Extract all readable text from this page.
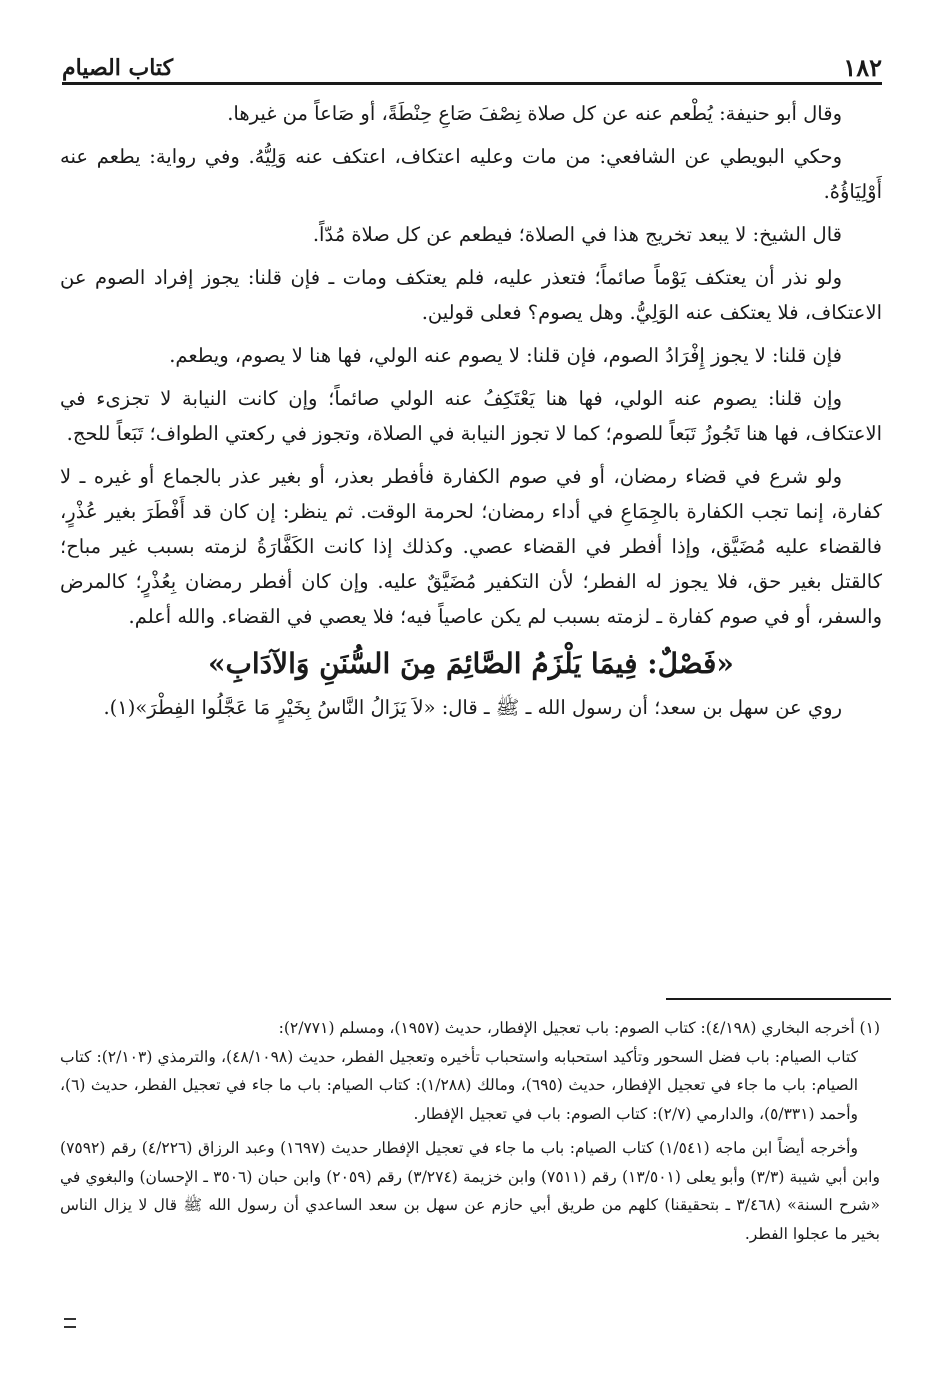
١٨٢
كتاب الصيام

وقال أبو حنيفة: يُطْعم عنه عن كل صلاة نِصْفَ صَاعِ حِنْطَةً، أو صَاعاً من غيرها.

وحكي البويطي عن الشافعي: من مات وعليه اعتكاف، اعتكف عنه وَلِيُّهُ. وفي رواية: يطعم عنه أَوْلِيَاؤُهُ.

قال الشيخ: لا يبعد تخريج هذا في الصلاة؛ فيطعم عن كل صلاة مُدّاً.

ولو نذر أن يعتكف يَوْماً صائماً؛ فتعذر عليه، فلم يعتكف ومات ـ فإن قلنا: يجوز إفراد الصوم عن الاعتكاف، فلا يعتكف عنه الوَلِيُّ. وهل يصوم؟ فعلى قولين.

فإن قلنا: لا يجوز إِفْرَادُ الصوم، فإن قلنا: لا يصوم عنه الولي، فها هنا لا يصوم، ويطعم.

وإن قلنا: يصوم عنه الولي، فها هنا يَعْتَكِفُ عنه الولي صائماً؛ وإن كانت النيابة لا تجزىء في الاعتكاف، فها هنا تَجُوزُ تَبَعاً للصوم؛ كما لا تجوز النيابة في الصلاة، وتجوز في ركعتي الطواف؛ تَبَعاً للحج.

ولو شرع في قضاء رمضان، أو في صوم الكفارة فأفطر بعذر، أو بغير عذر بالجماع أو غيره ـ لا كفارة، إنما تجب الكفارة بالجِمَاعِ في أداء رمضان؛ لحرمة الوقت. ثم ينظر: إن كان قد أَفْطَرَ بغير عُذْرٍ، فالقضاء عليه مُضَيَّق، وإذا أفطر في القضاء عصي. وكذلك إذا كانت الكَفَّارَةُ لزمته بسبب غير مباح؛ كالقتل بغير حق، فلا يجوز له الفطر؛ لأن التكفير مُضَيَّقٌ عليه. وإن كان أفطر رمضان بِعُذْرٍ؛ كالمرض والسفر، أو في صوم كفارة ـ لزمته بسبب لم يكن عاصياً فيه؛ فلا يعصي في القضاء. والله أعلم.

«فَصْلٌ: فِيمَا يَلْزَمُ الصَّائِمَ مِنَ السُّنَنِ وَالآدَابِ»

روي عن سهل بن سعد؛ أن رسول الله ـ ﷺ ـ قال: «لاَ يَزَالُ النَّاسُ بِخَيْرٍ مَا عَجَّلُوا الفِطْرَ»(١).

(١) أخرجه البخاري (٤/١٩٨): كتاب الصوم: باب تعجيل الإفطار، حديث (١٩٥٧)، ومسلم (٢/٧٧١):

كتاب الصيام: باب فضل السحور وتأكيد استحبابه واستحباب تأخيره وتعجيل الفطر، حديث (٤٨/١٠٩٨)، والترمذي (٢/١٠٣): كتاب الصيام: باب ما جاء في تعجيل الإفطار، حديث (٦٩٥)، ومالك (١/٢٨٨): كتاب الصيام: باب ما جاء في تعجيل الفطر، حديث (٦)، وأحمد (٥/٣٣١)، والدارمي (٢/٧): كتاب الصوم: باب في تعجيل الإفطار.

وأخرجه أيضاً ابن ماجه (١/٥٤١) كتاب الصيام: باب ما جاء في تعجيل الإفطار حديث (١٦٩٧) وعبد الرزاق (٤/٢٢٦) رقم (٧٥٩٢) وابن أبي شيبة (٣/٣) وأبو يعلى (١٣/٥٠١) رقم (٧٥١١) وابن خزيمة (٣/٢٧٤) رقم (٢٠٥٩) وابن حبان (٣٥٠٦ ـ الإحسان) والبغوي في «شرح السنة» (٣/٤٦٨ ـ بتحقيقنا) كلهم من طريق أبي حازم عن سهل بن سعد الساعدي أن رسول الله ﷺ قال لا يزال الناس بخير ما عجلوا الفطر.
